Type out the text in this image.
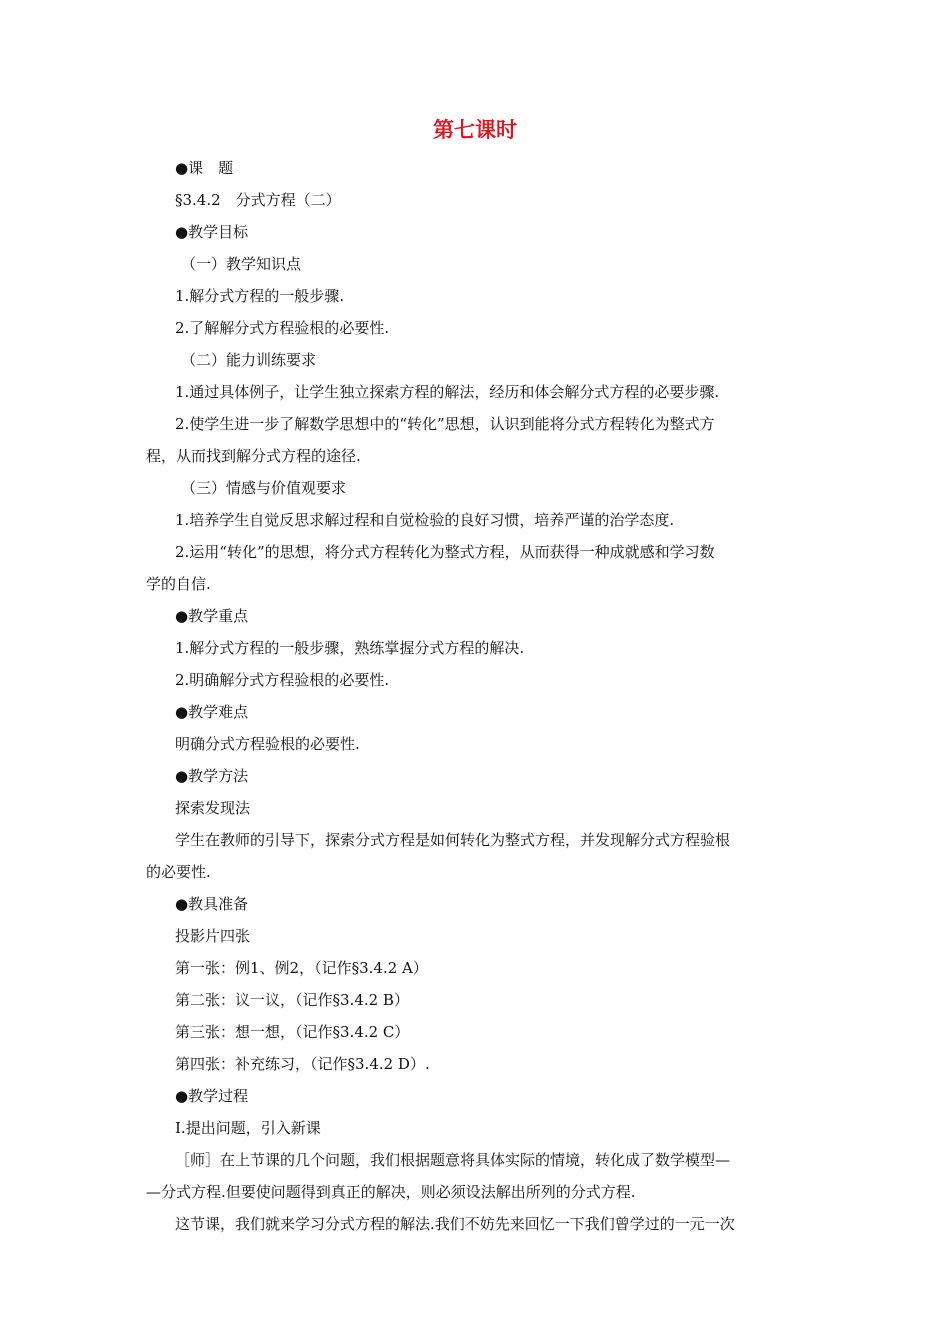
第七课时
●课　题
§3.4.2　分式方程（二）
●教学目标
（一）教学知识点
1.解分式方程的一般步骤.
2.了解解分式方程验根的必要性.
（二）能力训练要求
1.通过具体例子，让学生独立探索方程的解法，经历和体会解分式方程的必要步骤.
2.使学生进一步了解数学思想中的“转化”思想，认识到能将分式方程转化为整式方
程，从而找到解分式方程的途径.
（三）情感与价值观要求
1.培养学生自觉反思求解过程和自觉检验的良好习惯，培养严谨的治学态度.
2.运用“转化”的思想，将分式方程转化为整式方程，从而获得一种成就感和学习数
学的自信.
●教学重点
1.解分式方程的一般步骤，熟练掌握分式方程的解决.
2.明确解分式方程验根的必要性.
●教学难点
明确分式方程验根的必要性.
●教学方法
探索发现法
学生在教师的引导下，探索分式方程是如何转化为整式方程，并发现解分式方程验根
的必要性.
●教具准备
投影片四张
第一张：例1、例2，（记作§3.4.2 A）
第二张：议一议，（记作§3.4.2 B）
第三张：想一想，（记作§3.4.2 C）
第四张：补充练习，（记作§3.4.2 D）.
●教学过程
Ⅰ.提出问题，引入新课
［师］在上节课的几个问题，我们根据题意将具体实际的情境，转化成了数学模型—
—分式方程.但要使问题得到真正的解决，则必须设法解出所列的分式方程.
这节课，我们就来学习分式方程的解法.我们不妨先来回忆一下我们曾学过的一元一次
